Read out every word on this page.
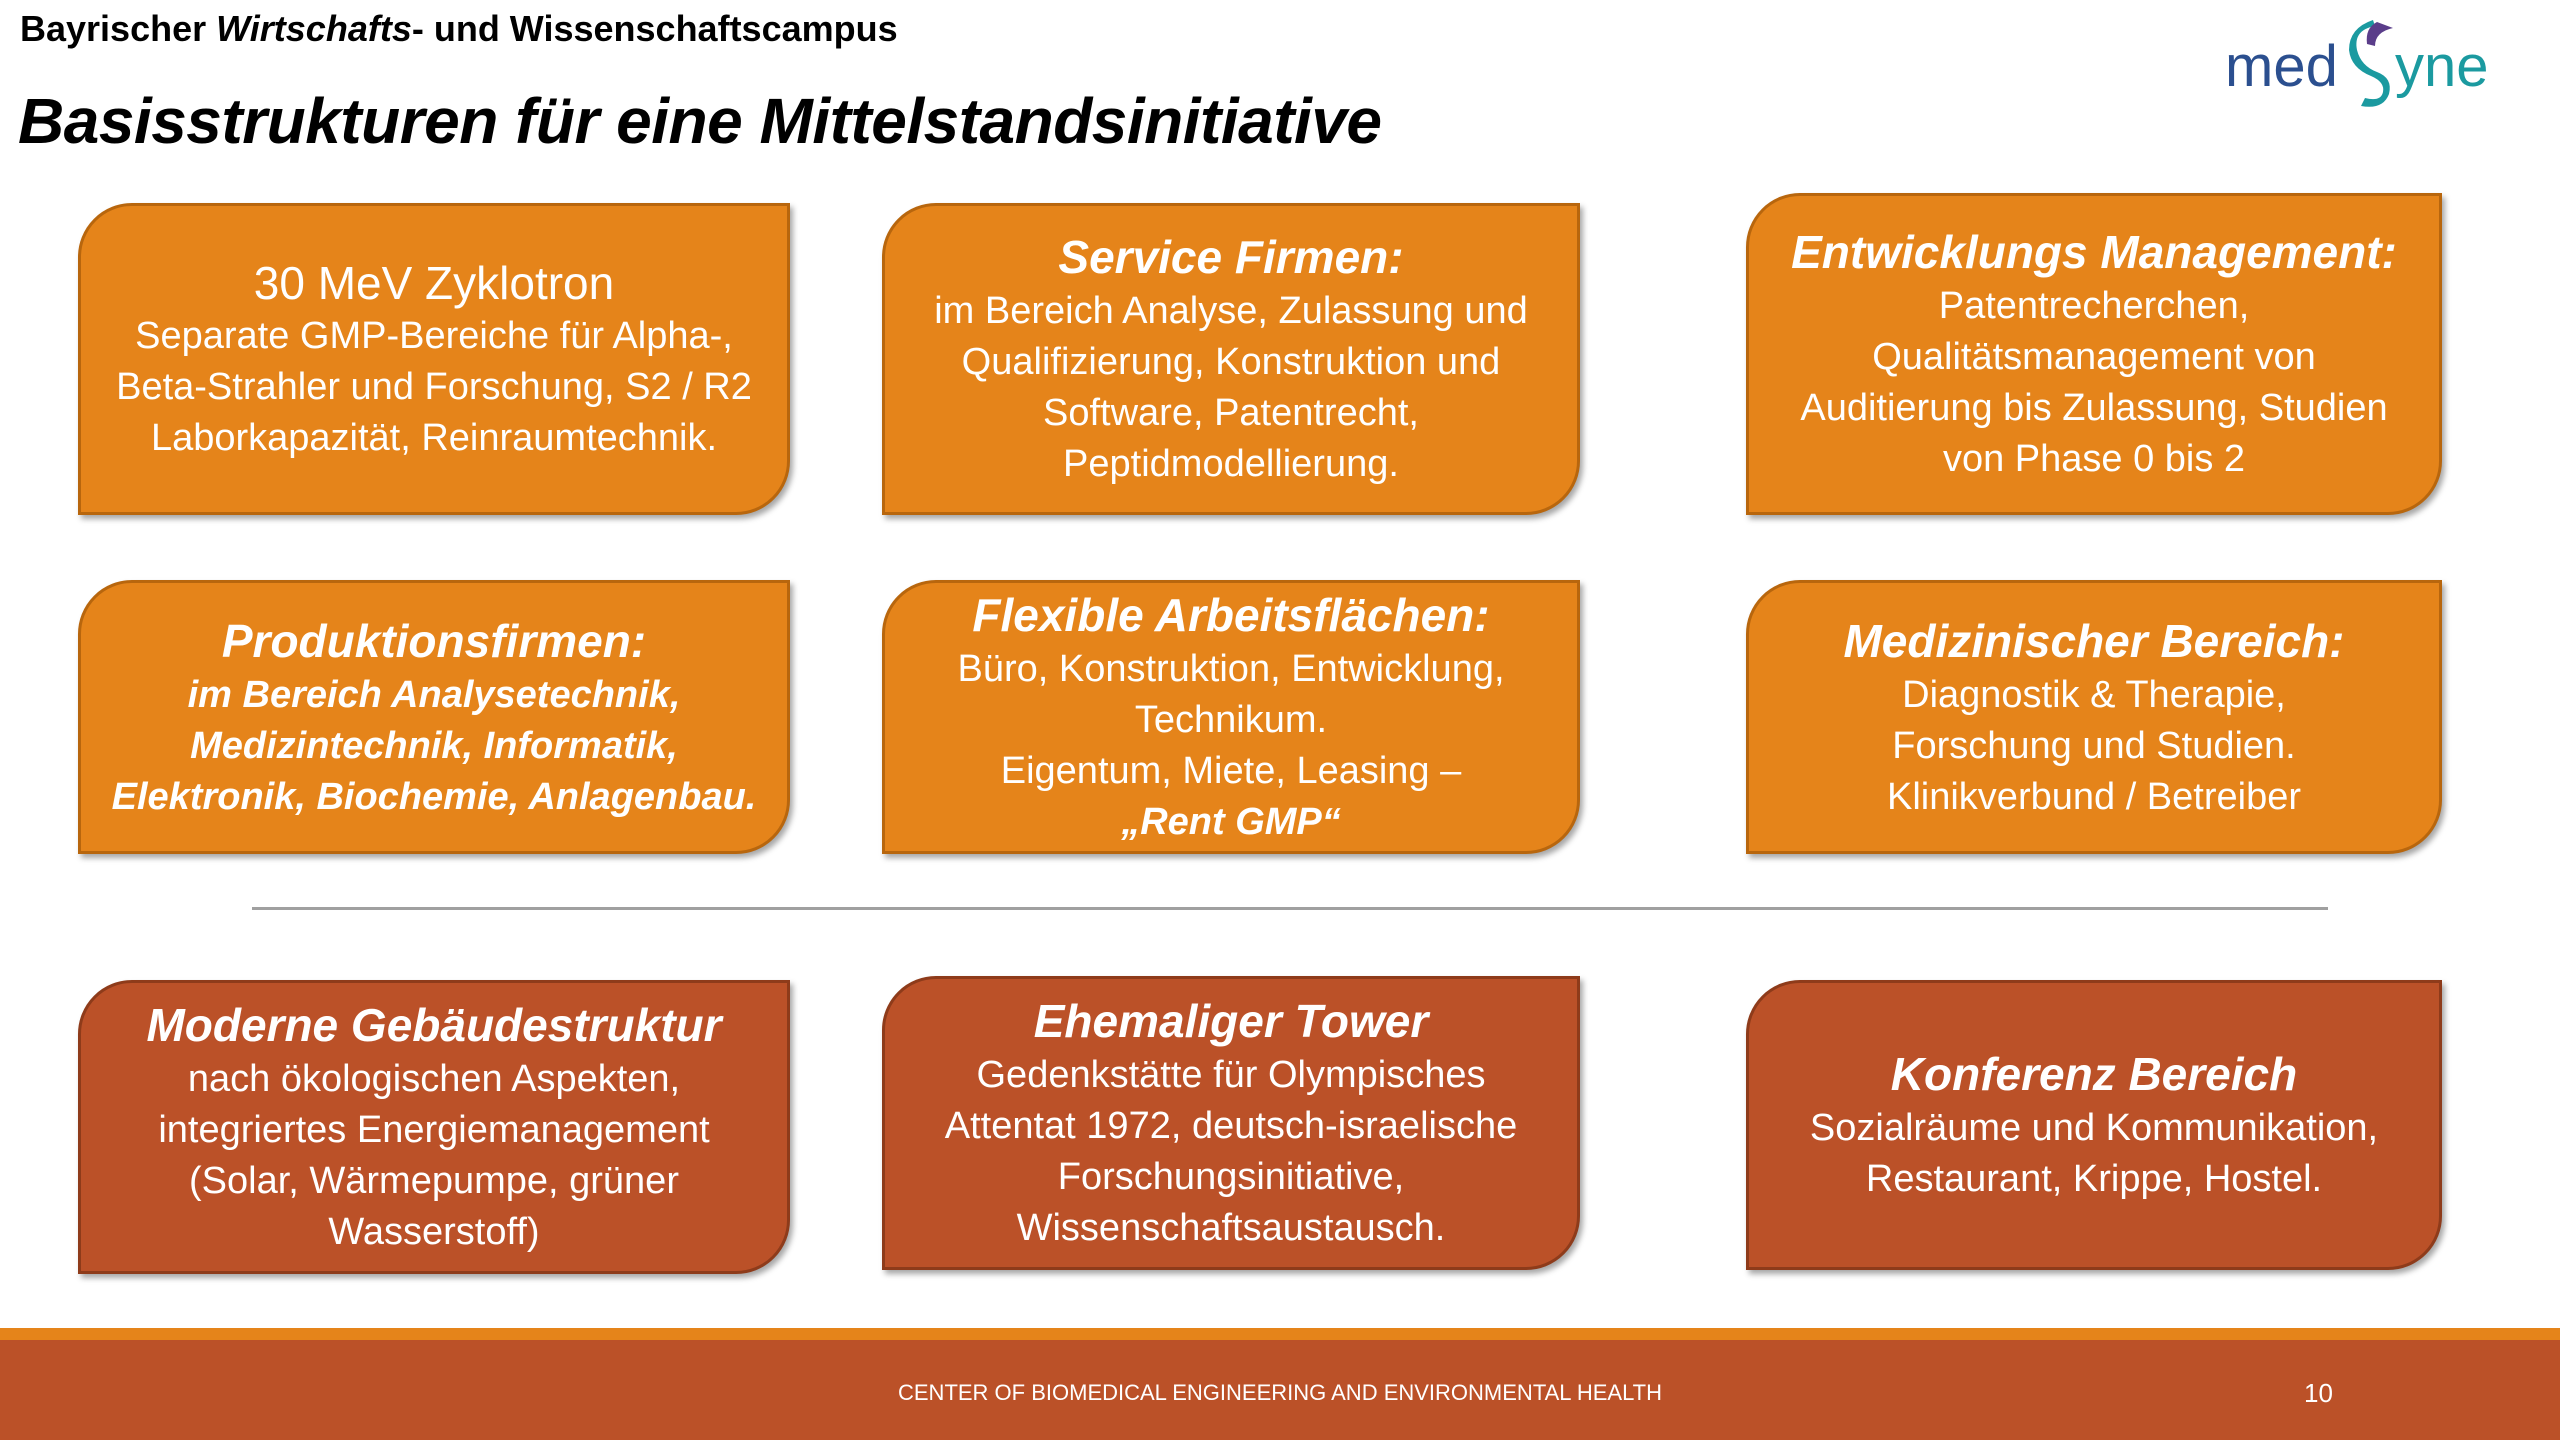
Bayrischer Wirtschafts- und Wissenschaftscampus
Basisstrukturen für eine Mittelstandsinitiative
med yne
30 MeV Zyklotron
Separate GMP-Bereiche für Alpha-,
Beta-Strahler und Forschung, S2 / R2
Laborkapazität, Reinraumtechnik.
Service Firmen:
im Bereich Analyse, Zulassung und
Qualifizierung, Konstruktion und
Software, Patentrecht,
Peptidmodellierung.
Entwicklungs Management:
Patentrecherchen,
Qualitätsmanagement von
Auditierung bis Zulassung, Studien
von Phase 0 bis 2
Produktionsfirmen:
im Bereich Analysetechnik,
Medizintechnik, Informatik,
Elektronik, Biochemie, Anlagenbau.
Flexible Arbeitsflächen:
Büro, Konstruktion, Entwicklung,
Technikum.
Eigentum, Miete, Leasing –
„Rent GMP“
Medizinischer Bereich:
Diagnostik & Therapie,
Forschung und Studien.
Klinikverbund / Betreiber
Moderne Gebäudestruktur
nach ökologischen Aspekten,
integriertes Energiemanagement
(Solar, Wärmepumpe, grüner
Wasserstoff)
Ehemaliger Tower
Gedenkstätte für Olympisches
Attentat 1972, deutsch-israelische
Forschungsinitiative,
Wissenschaftsaustausch.
Konferenz Bereich
Sozialräume und Kommunikation,
Restaurant, Krippe, Hostel.
CENTER OF BIOMEDICAL ENGINEERING AND ENVIRONMENTAL HEALTH	10
